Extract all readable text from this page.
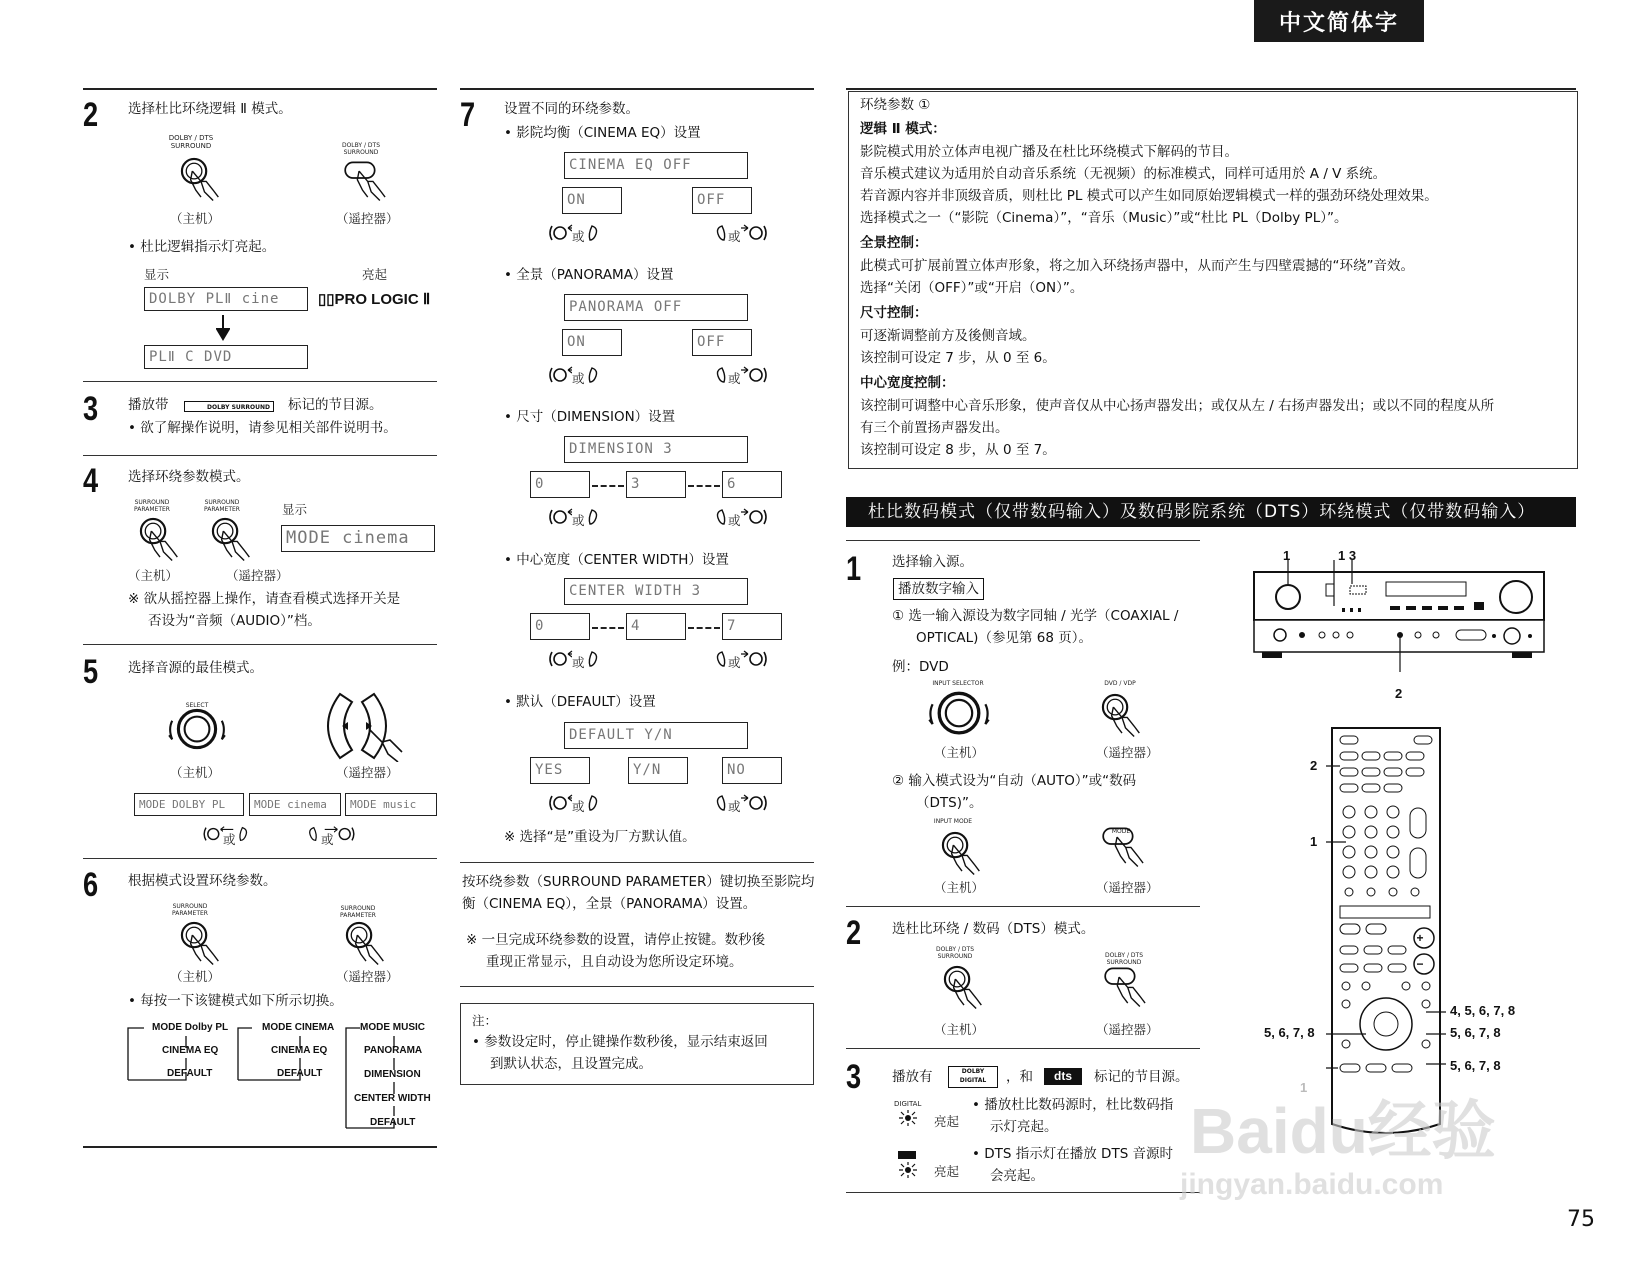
中文简体字
2 选择杜比环绕逻辑 Ⅱ 模式。
DOLBY / DTS SURROUND	DOLBY / DTS SURROUND
（主机）	（遥控器）
• 杜比逻辑指示灯亮起。
显示	亮起
DOLBY PLⅡ cine	▯▯PRO LOGIC Ⅱ
PLⅡ C DVD
3 播放带	DOLBY SURROUND 标记的节目源。
• 欲了解操作说明，请参见相关部件说明书。
4 选择环绕参数模式。
SURROUND PARAMETER
SURROUND PARAMETER	显示
MODE cinema
（主机）	（遥控器）
※ 欲从摇控器上操作，请查看模式选择开关是
否设为“音频（AUDIO）”档。
5 选择音源的最佳模式。
SELECT
（主机）	（遥控器）
MODE DOLBY PL	MODE cinema	MODE music
或	或
6 根据模式设置环绕参数。
SURROUND PARAMETER
SURROUND PARAMETER
（主机）	（遥控器）
• 每按一下该键模式如下所示切换。
MODE Dolby PL
CINEMA EQ
DEFAULT
MODE CINEMA
CINEMA EQ
DEFAULT
MODE MUSIC
PANORAMA
DIMENSION
CENTER WIDTH
DEFAULT
7 设置不同的环绕参数。
• 影院均衡（CINEMA EQ）设置
CINEMA EQ OFF
ON	OFF
或	或
• 全景（PANORAMA）设置
PANORAMA OFF
ON	OFF
或	或
• 尺寸（DIMENSION）设置
DIMENSION 3
0	3	6
或	或
• 中心宽度（CENTER WIDTH）设置
CENTER WIDTH 3
0	4	7
或	或
• 默认（DEFAULT）设置
DEFAULT Y/N
YES	Y/N	NO
或	或
※ 选择“是”重设为厂方默认值。
按环绕参数（SURROUND PARAMETER）键切换至影院均
衡（CINEMA EQ），全景（PANORAMA）设置。
※ 一旦完成环绕参数的设置，请停止按键。数秒後
重现正常显示，且自动设为您所设定环境。
注：
• 参数设定时，停止键操作数秒後，显示结束返回
到默认状态，且设置完成。
环绕参数 ①
逻辑 Ⅱ 模式：
影院模式用於立体声电视广播及在杜比环绕模式下解码的节目。
音乐模式建议为适用於自动音乐系统（无视频）的标准模式，同样可适用於 A / V 系统。
若音源内容并非顶级音质，则杜比 PL 模式可以产生如同原始逻辑模式一样的强劲环绕处理效果。
选择模式之一（“影院（Cinema）”，“音乐（Music）”或“杜比 PL（Dolby PL）”。
全景控制：
此模式可扩展前置立体声形象，将之加入环绕扬声器中，从而产生与四壁震撼的“环绕”音效。
选择“关闭（OFF）”或“开启（ON）”。
尺寸控制：
可逐渐调整前方及後侧音域。
该控制可设定 7 步，从 0 至 6。
中心宽度控制：
该控制可调整中心音乐形象，使声音仅从中心扬声器发出；或仅从左 / 右扬声器发出；或以不同的程度从所
有三个前置扬声器发出。
该控制可设定 8 步，从 0 至 7。
杜比数码模式（仅带数码输入）及数码影院系统（DTS）环绕模式（仅带数码输入）
1 选择输入源。
播放数字输入
① 选一输入源设为数字同轴 / 光学（COAXIAL /
OPTICAL)（参见第 68 页）。
例：DVD
INPUT SELECTOR	DVD / VDP
（主机）	（遥控器）
② 输入模式设为“自动（AUTO）”或“数码
（DTS)”。
INPUT MODE
MODE
（主机）	（遥控器）
2 选杜比环绕 / 数码（DTS）模式。
DOLBY / DTS SURROUND	DOLBY / DTS SURROUND
（主机）	（遥控器）
3 播放有	DOLBY DIGITAL	，和	dts	标记的节目源。
DIGITAL
亮起
• 播放杜比数码源时，杜比数码指
示灯亮起。
亮起
• DTS 指示灯在播放 DTS 音源时
会亮起。
1	1 3
2
+
−
2
1
4, 5, 6, 7, 8
5, 6, 7, 8	5, 6, 7, 8
5, 6, 7, 8
1
Baidu经验
jingyan.baidu.com
75
